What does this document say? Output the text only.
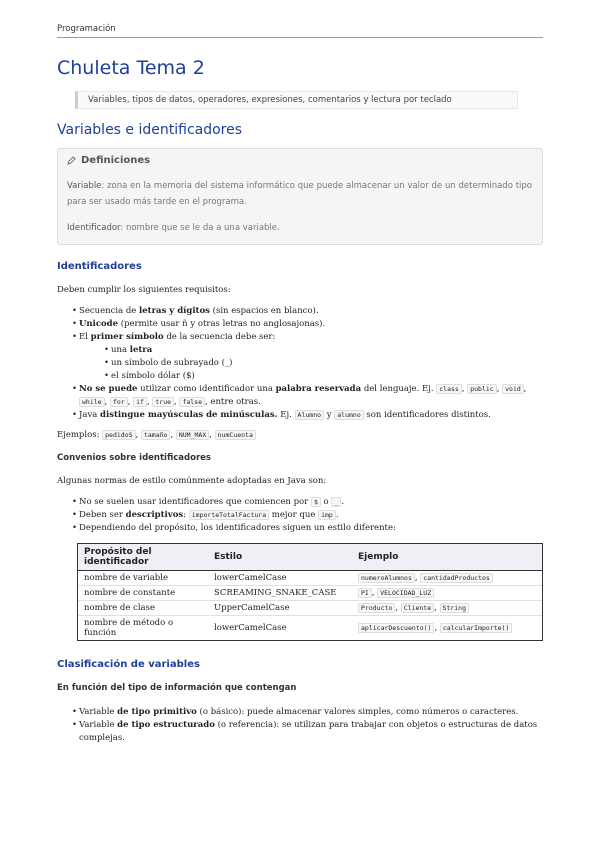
Programación
Chuleta Tema 2
Variables, tipos de datos, operadores, expresiones, comentarios y lectura por teclado
Variables e identificadores
Definiciones

Variable: zona en la memoria del sistema informático que puede almacenar un valor de un determinado tipo para ser usado más tarde en el programa.

Identificador: nombre que se le da a una variable.

Identificadores

Deben cumplir los siguientes requisitos:

• Secuencia de letras y dígitos (sin espacios en blanco).
• Unicode (permite usar ñ y otras letras no anglosajonas).
• El primer símbolo de la secuencia debe ser:
• una letra
• un símbolo de subrayado (_)
• el símbolo dólar ($)
• No se puede utilizar como identificador una palabra reservada del lenguaje. Ej. class , public , void , while , for , if , true , false , entre otras.
• Java distingue mayúsculas de minúsculas. Ej. Alumno y alumno son identificadores distintos.

Ejemplos: pedidoS , tamaño , NUM_MAX , numCuenta

Convenios sobre identificadores

Algunas normas de estilo comúnmente adoptadas en Java son:

• No se suelen usar identificadores que comiencen por $ o _ .
• Deben ser descriptivos: importeTotalFactura mejor que imp .
• Dependiendo del propósito, los identificadores siguen un estilo diferente:
Propósito del identificador	Estilo	Ejemplo
nombre de variable	lowerCamelCase	numeroAlumnos , cantidadProductos
nombre de constante	SCREAMING_SNAKE_CASE	PI , VELOCIDAD_LUZ
nombre de clase	UpperCamelCase	Producto , Cliente , String
nombre de método o función	lowerCamelCase	aplicarDescuento() , calcularImporte()
Clasificación de variables
En función del tipo de información que contengan
• Variable de tipo primitivo (o básico): puede almacenar valores simples, como números o caracteres.
• Variable de tipo estructurado (o referencia): se utilizan para trabajar con objetos o estructuras de datos complejas.
